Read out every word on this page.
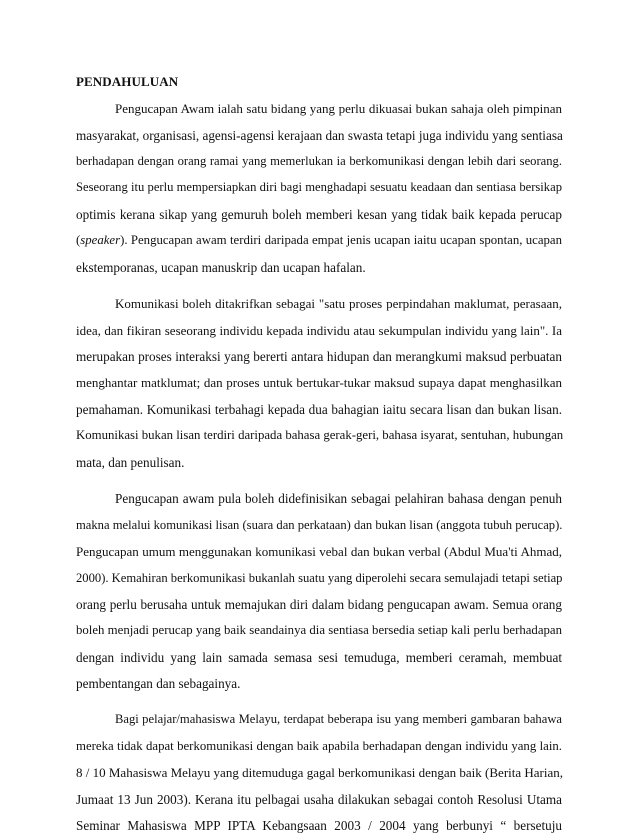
PENDAHULUAN
Pengucapan Awam ialah satu bidang yang perlu dikuasai bukan sahaja oleh pimpinan
masyarakat, organisasi, agensi-agensi kerajaan dan swasta tetapi juga individu yang sentiasa
berhadapan dengan orang ramai yang memerlukan ia berkomunikasi dengan lebih dari seorang.
Seseorang itu perlu mempersiapkan diri bagi menghadapi sesuatu keadaan dan sentiasa bersikap
optimis kerana sikap yang gemuruh boleh memberi kesan yang tidak baik kepada perucap
(speaker). Pengucapan awam terdiri daripada empat jenis ucapan iaitu ucapan spontan, ucapan
ekstemporanas, ucapan manuskrip dan ucapan hafalan.
Komunikasi boleh ditakrifkan sebagai "satu proses perpindahan maklumat, perasaan,
idea, dan fikiran seseorang individu kepada individu atau sekumpulan individu yang lain". Ia
merupakan proses interaksi yang bererti antara hidupan dan merangkumi maksud perbuatan
menghantar matklumat; dan proses untuk bertukar-tukar maksud supaya dapat menghasilkan
pemahaman. Komunikasi terbahagi kepada dua bahagian iaitu secara lisan dan bukan lisan.
Komunikasi bukan lisan terdiri daripada bahasa gerak-geri, bahasa isyarat, sentuhan, hubungan
mata, dan penulisan.
Pengucapan awam pula boleh didefinisikan sebagai pelahiran bahasa dengan penuh
makna melalui komunikasi lisan (suara dan perkataan) dan bukan lisan (anggota tubuh perucap).
Pengucapan umum menggunakan komunikasi vebal dan bukan verbal (Abdul Mua'ti Ahmad,
2000). Kemahiran berkomunikasi bukanlah suatu yang diperolehi secara semulajadi tetapi setiap
orang perlu berusaha untuk memajukan diri dalam bidang pengucapan awam. Semua orang
boleh menjadi perucap yang baik seandainya dia sentiasa bersedia setiap kali perlu berhadapan
dengan individu yang lain samada semasa sesi temuduga, memberi ceramah, membuat
pembentangan dan sebagainya.
Bagi pelajar/mahasiswa Melayu, terdapat beberapa isu yang memberi gambaran bahawa
mereka tidak dapat berkomunikasi dengan baik apabila berhadapan dengan individu yang lain.
8 / 10 Mahasiswa Melayu yang ditemuduga gagal berkomunikasi dengan baik (Berita Harian,
Jumaat 13 Jun 2003). Kerana itu pelbagai usaha dilakukan sebagai contoh Resolusi Utama
Seminar Mahasiswa MPP IPTA Kebangsaan 2003 / 2004 yang berbunyi “ bersetuju
